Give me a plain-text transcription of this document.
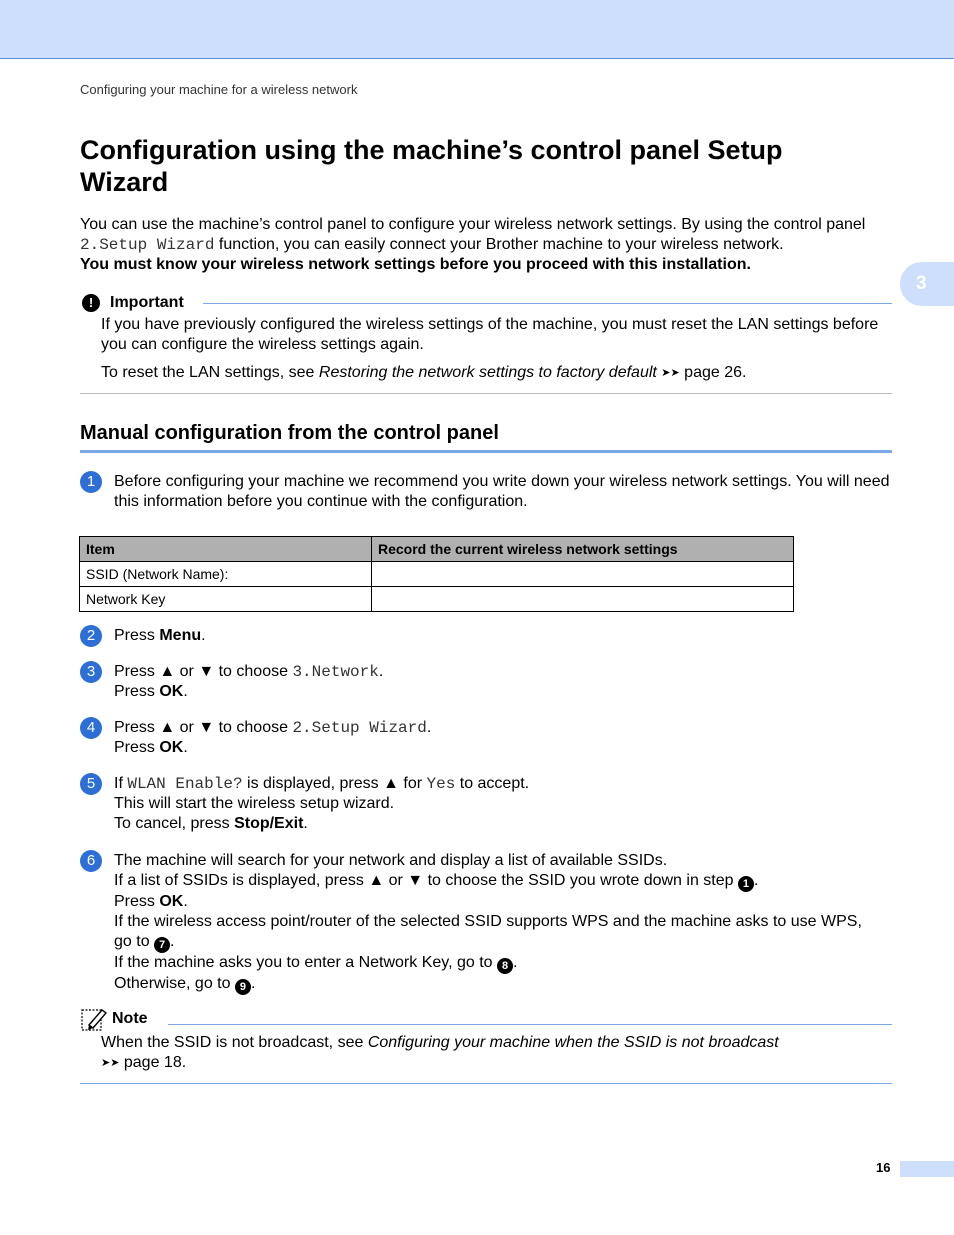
Configuring your machine for a wireless network
3
Configuration using the machine’s control panel Setup Wizard
You can use the machine’s control panel to configure your wireless network settings. By using the control panel 2.Setup Wizard function, you can easily connect your Brother machine to your wireless network.
You must know your wireless network settings before you proceed with this installation.
!	Important
If you have previously configured the wireless settings of the machine, you must reset the LAN settings before you can configure the wireless settings again.
To reset the LAN settings, see Restoring the network settings to factory default ➤➤ page 26.
Manual configuration from the control panel
1	Before configuring your machine we recommend you write down your wireless network settings. You will need this information before you continue with the configuration.
Item	Record the current wireless network settings
SSID (Network Name):	
Network Key	
2	Press Menu.
3	Press ▲ or ▼ to choose 3.Network.
Press OK.
4	Press ▲ or ▼ to choose 2.Setup Wizard.
Press OK.
5	If WLAN Enable? is displayed, press ▲ for Yes to accept.
This will start the wireless setup wizard.
To cancel, press Stop/Exit.
6	The machine will search for your network and display a list of available SSIDs.
If a list of SSIDs is displayed, press ▲ or ▼ to choose the SSID you wrote down in step 1 .
Press OK.
If the wireless access point/router of the selected SSID supports WPS and the machine asks to use WPS, go to 7 .
If the machine asks you to enter a Network Key, go to 8 .
Otherwise, go to 9 .
Note
When the SSID is not broadcast, see Configuring your machine when the SSID is not broadcast
➤➤ page 18.
16
